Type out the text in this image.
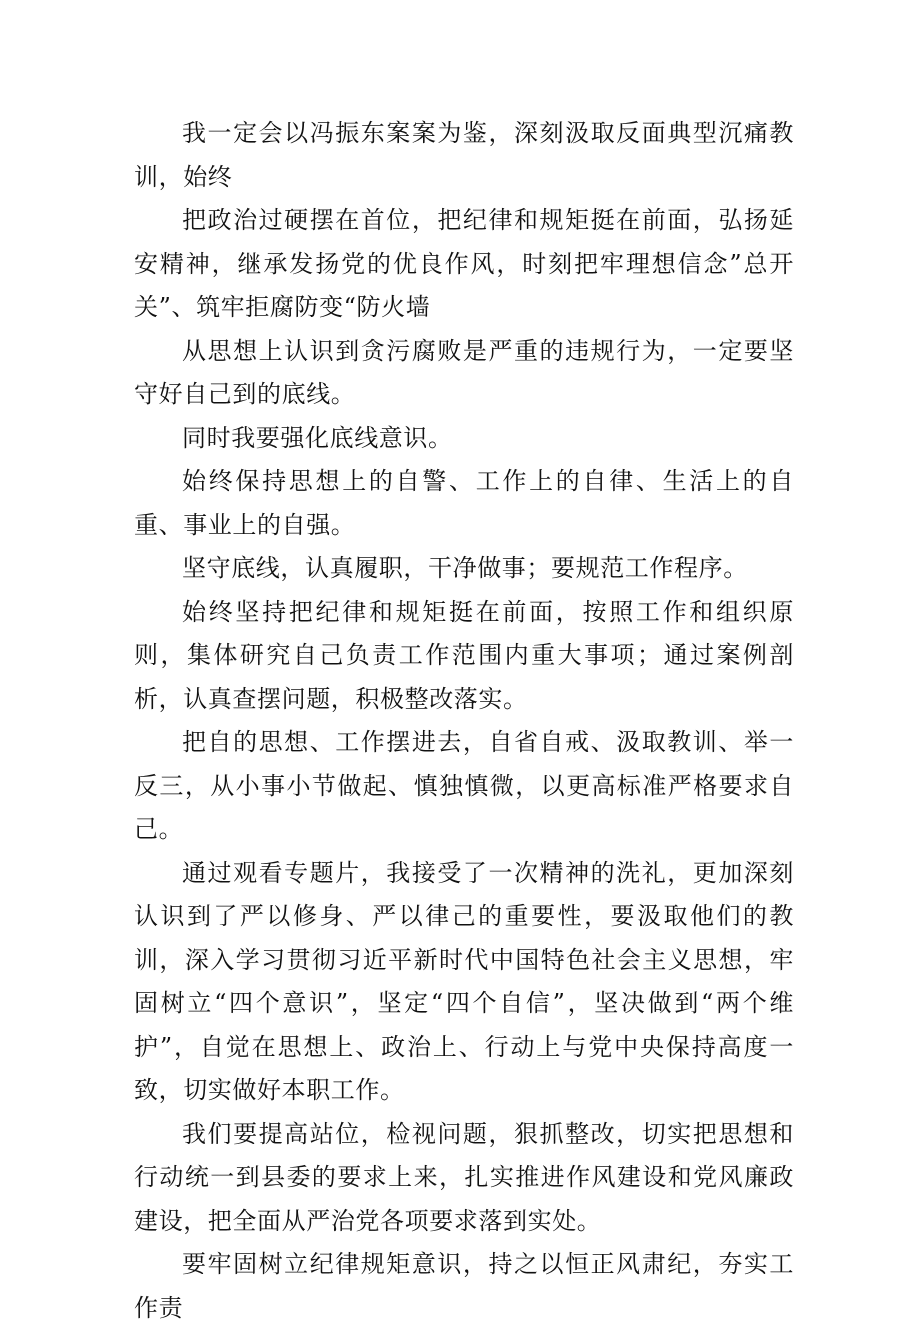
我一定会以冯振东案案为鉴，深刻汲取反面典型沉痛教训，始终

把政治过硬摆在首位，把纪律和规矩挺在前面，弘扬延安精神，继承发扬党的优良作风，时刻把牢理想信念”总开关”、筑牢拒腐防变“防火墙

从思想上认识到贪污腐败是严重的违规行为，一定要坚守好自己到的底线。

同时我要强化底线意识。

始终保持思想上的自警、工作上的自律、生活上的自重、事业上的自强。

坚守底线，认真履职，干净做事；要规范工作程序。

始终坚持把纪律和规矩挺在前面，按照工作和组织原则，集体研究自己负责工作范围内重大事项；通过案例剖析，认真查摆问题，积极整改落实。

把自的思想、工作摆进去，自省自戒、汲取教训、举一反三，从小事小节做起、慎独慎微，以更高标准严格要求自己。

通过观看专题片，我接受了一次精神的洗礼，更加深刻认识到了严以修身、严以律己的重要性，要汲取他们的教训，深入学习贯彻习近平新时代中国特色社会主义思想，牢固树立“四个意识”，坚定“四个自信”，坚决做到“两个维护”，自觉在思想上、政治上、行动上与党中央保持高度一致，切实做好本职工作。

我们要提高站位，检视问题，狠抓整改，切实把思想和行动统一到县委的要求上来，扎实推进作风建设和党风廉政建设，把全面从严治党各项要求落到实处。

要牢固树立纪律规矩意识，持之以恒正风肃纪，夯实工作责
